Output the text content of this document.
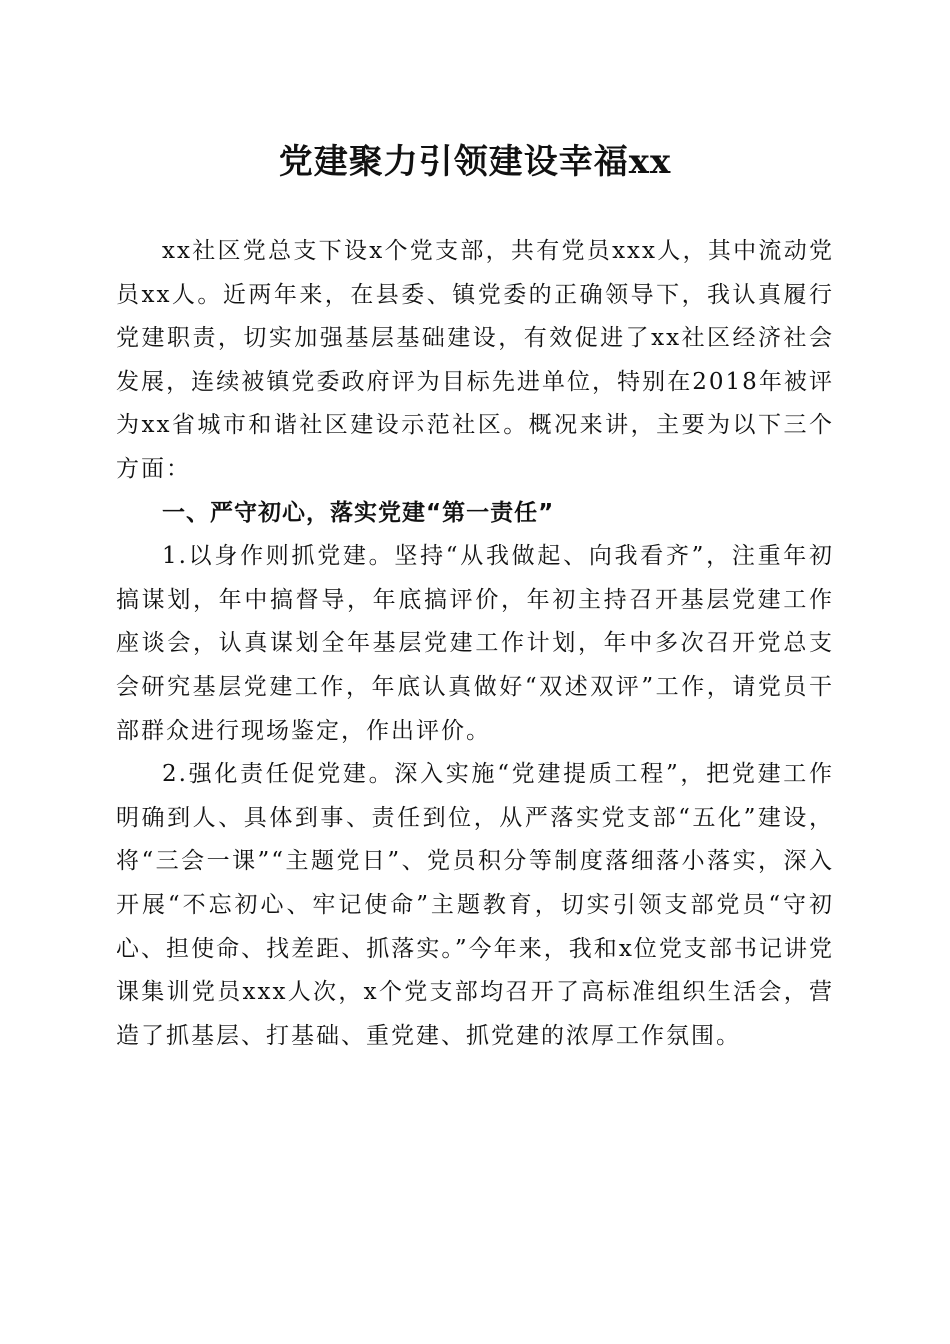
党建聚力引领建设幸福xx

xx社区党总支下设x个党支部，共有党员xxx人，其中流动党员xx人。近两年来，在县委、镇党委的正确领导下，我认真履行党建职责，切实加强基层基础建设，有效促进了xx社区经济社会发展，连续被镇党委政府评为目标先进单位，特别在2018年被评为xx省城市和谐社区建设示范社区。概况来讲，主要为以下三个方面：

一、严守初心，落实党建“第一责任”

1.以身作则抓党建。坚持“从我做起、向我看齐”，注重年初搞谋划，年中搞督导，年底搞评价，年初主持召开基层党建工作座谈会，认真谋划全年基层党建工作计划，年中多次召开党总支会研究基层党建工作，年底认真做好“双述双评”工作，请党员干部群众进行现场鉴定，作出评价。

2.强化责任促党建。深入实施“党建提质工程”，把党建工作明确到人、具体到事、责任到位，从严落实党支部“五化”建设，将“三会一课”“主题党日”、党员积分等制度落细落小落实，深入开展“不忘初心、牢记使命”主题教育，切实引领支部党员“守初心、担使命、找差距、抓落实。”今年来，我和x位党支部书记讲党课集训党员xxx人次，x个党支部均召开了高标准组织生活会，营造了抓基层、打基础、重党建、抓党建的浓厚工作氛围。
